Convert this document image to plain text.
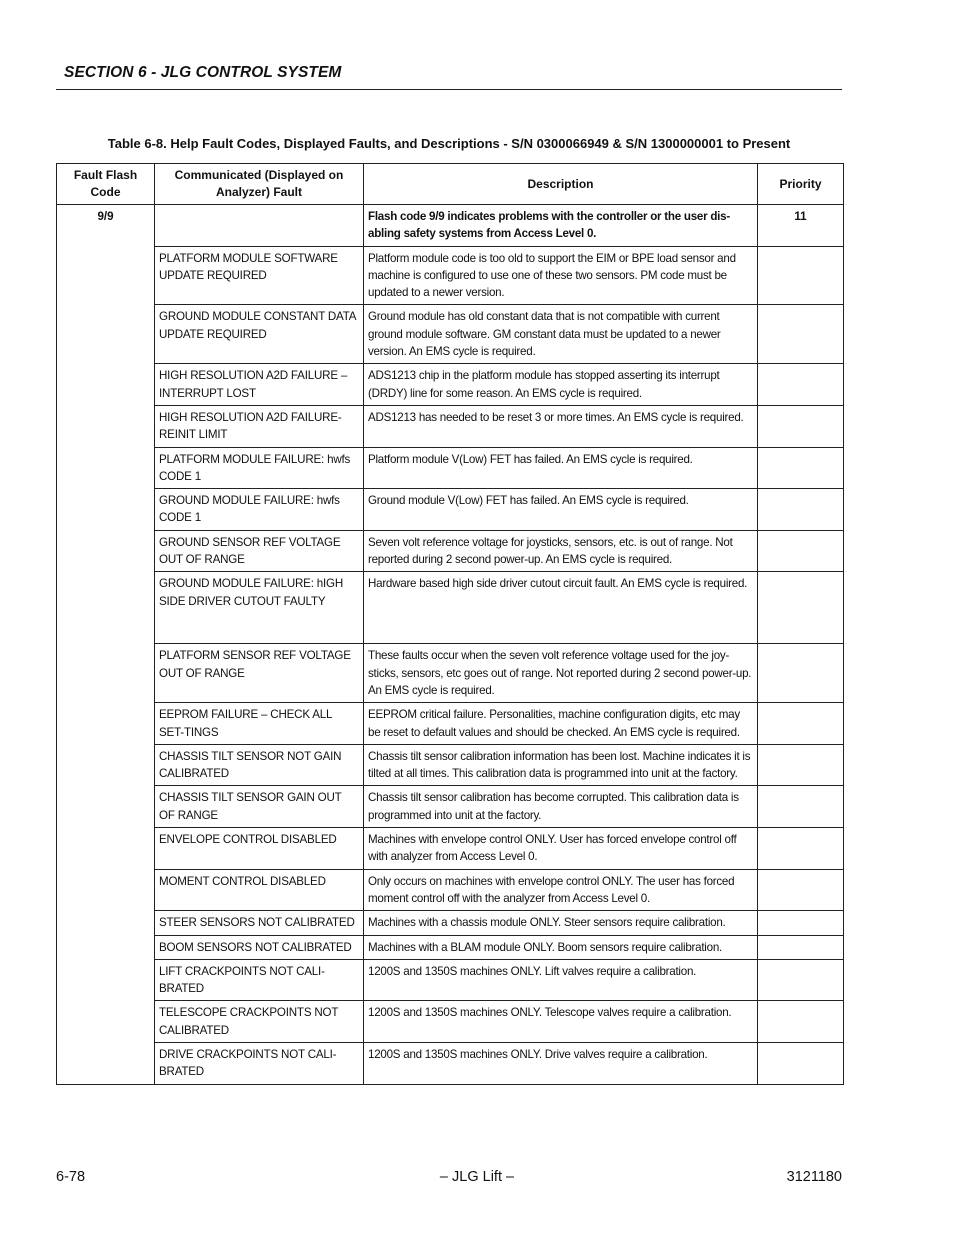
SECTION 6 - JLG CONTROL SYSTEM
Table 6-8. Help Fault Codes, Displayed Faults, and Descriptions - S/N 0300066949 & S/N 1300000001 to Present
Fault Flash Code	Communicated (Displayed on Analyzer) Fault	Description	Priority
9/9		Flash code 9/9 indicates problems with the controller or the user dis-abling safety systems from Access Level 0.	11
	PLATFORM MODULE SOFTWARE UPDATE REQUIRED	Platform module code is too old to support the EIM or BPE load sensor and machine is configured to use one of these two sensors. PM code must be updated to a newer version.	
	GROUND MODULE CONSTANT DATA UPDATE REQUIRED	Ground module has old constant data that is not compatible with current ground module software. GM constant data must be updated to a newer version. An EMS cycle is required.	
	HIGH RESOLUTION A2D FAILURE – INTERRUPT LOST	ADS1213 chip in the platform module has stopped asserting its interrupt (DRDY) line for some reason. An EMS cycle is required.	
	HIGH RESOLUTION A2D FAILURE-REINIT LIMIT	ADS1213 has needed to be reset 3 or more times. An EMS cycle is required.	
	PLATFORM MODULE FAILURE: hwfs CODE 1	Platform module V(Low) FET has failed. An EMS cycle is required.	
	GROUND MODULE FAILURE: hwfs CODE 1	Ground module V(Low) FET has failed. An EMS cycle is required.	
	GROUND SENSOR REF VOLTAGE OUT OF RANGE	Seven volt reference voltage for joysticks, sensors, etc. is out of range. Not reported during 2 second power-up. An EMS cycle is required.	
	GROUND MODULE FAILURE: hIGH SIDE DRIVER CUTOUT FAULTY	Hardware based high side driver cutout circuit fault. An EMS cycle is required.	
	PLATFORM SENSOR REF VOLTAGE OUT OF RANGE	These faults occur when the seven volt reference voltage used for the joy-sticks, sensors, etc goes out of range. Not reported during 2 second power-up. An EMS cycle is required.	
	EEPROM FAILURE – CHECK ALL SET-TINGS	EEPROM critical failure. Personalities, machine configuration digits, etc may be reset to default values and should be checked. An EMS cycle is required.	
	CHASSIS TILT SENSOR NOT GAIN CALIBRATED	Chassis tilt sensor calibration information has been lost. Machine indicates it is tilted at all times. This calibration data is programmed into unit at the factory.	
	CHASSIS TILT SENSOR GAIN OUT OF RANGE	Chassis tilt sensor calibration has become corrupted. This calibration data is programmed into unit at the factory.	
	ENVELOPE CONTROL DISABLED	Machines with envelope control ONLY. User has forced envelope control off with analyzer from Access Level 0.	
	MOMENT CONTROL DISABLED	Only occurs on machines with envelope control ONLY. The user has forced moment control off with the analyzer from Access Level 0.	
	STEER SENSORS NOT CALIBRATED	Machines with a chassis module ONLY. Steer sensors require calibration.	
	BOOM SENSORS NOT CALIBRATED	Machines with a BLAM module ONLY. Boom sensors require calibration.	
	LIFT CRACKPOINTS NOT CALI-BRATED	1200S and 1350S machines ONLY. Lift valves require a calibration.	
	TELESCOPE CRACKPOINTS NOT CALIBRATED	1200S and 1350S machines ONLY. Telescope valves require a calibration.	
	DRIVE CRACKPOINTS NOT CALI-BRATED	1200S and 1350S machines ONLY. Drive valves require a calibration.	
6-78	– JLG Lift –	3121180
